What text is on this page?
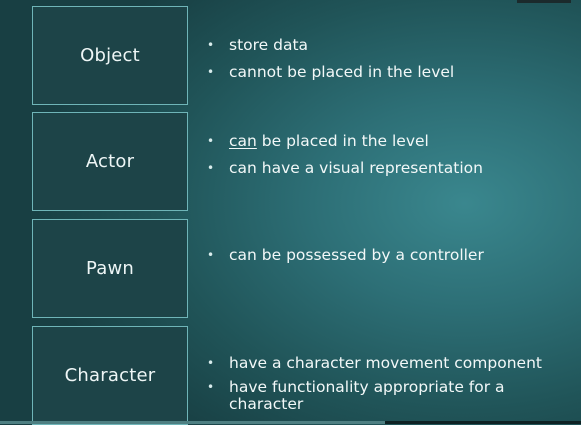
Object	• store data
• cannot be placed in the level
Actor
• can be placed in the level
• can have a visual representation
Pawn
• can be possessed by a controller
Character
• have a character movement component
• have functionality appropriate for a character
